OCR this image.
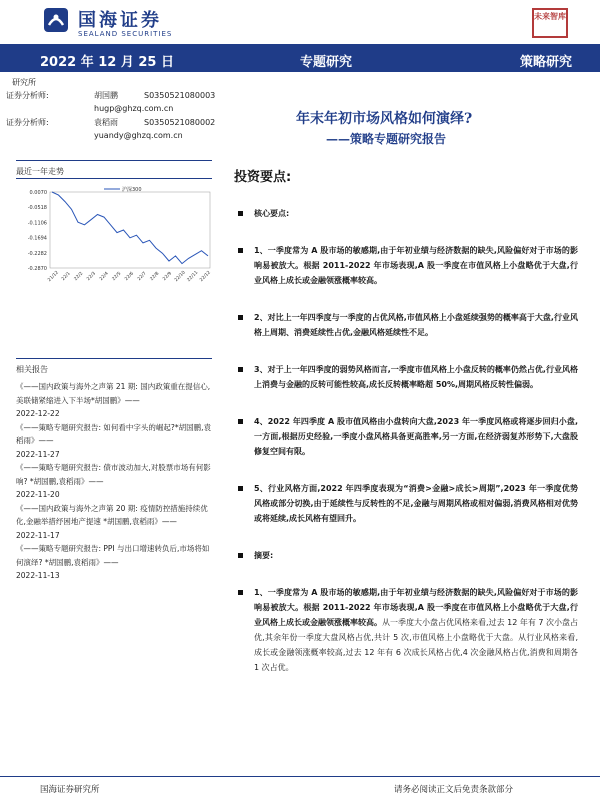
国海证券
SEALAND SECURITIES
未来智库
2022 年 12 月 25 日	专题研究	策略研究
研究所
证券分析师:	胡国鹏	S0350521080003
hugp@ghzq.com.cn
证券分析师:	袁稻雨	S0350521080002
yuandy@ghzq.com.cn
年末年初市场风格如何演绎?
——策略专题研究报告
最近一年走势
0.0070
-0.0518
-0.1106
-0.1694
-0.2282
-0.2870
21/12 22/1 22/2 22/3 22/4 22/5 22/6 22/7 22/8 22/9 22/10 22/11 22/12
沪深300
相关报告

《——国内政策与海外之声第 21 期: 国内政策重在提信心,美联储紧缩进入下半场*胡国鹏》——

2022-12-22

《——策略专题研究报告: 如何看中字头的崛起?*胡国鹏,袁稻雨》——

2022-11-27

《——策略专题研究报告: 债市波动加大,对股票市场有何影响? *胡国鹏,袁稻雨》——

2022-11-20

《——国内政策与海外之声第 20 期: 疫情防控措施持续优化,金融举措纾困地产提速 *胡国鹏,袁稻雨》——

2022-11-17

《——策略专题研究报告: PPI 与出口增速转负后,市场将如何演绎? *胡国鹏,袁稻雨》——

2022-11-13

投资要点:
核心要点:
1、一季度常为 A 股市场的敏感期,由于年初业绩与经济数据的缺失,风险偏好对于市场的影响易被放大。根据 2011-2022 年市场表现,A 股一季度在市值风格上小盘略优于大盘,行业风格上成长或金融领涨概率较高。
2、对比上一年四季度与一季度的占优风格,市值风格上小盘延续强势的概率高于大盘,行业风格上周期、消费延续性占优,金融风格延续性不足。
3、对于上一年四季度的弱势风格而言,一季度市值风格上小盘反转的概率仍然占优,行业风格上消费与金融的反转可能性较高,成长反转概率略超 50%,周期风格反转性偏弱。
4、2022 年四季度 A 股市值风格由小盘转向大盘,2023 年一季度风格或将逐步回归小盘,一方面,根据历史经验,一季度小盘风格具备更高胜率,另一方面,在经济弱复苏形势下,大盘股修复空间有限。
5、行业风格方面,2022 年四季度表现为“消费>金融>成长>周期”,2023 年一季度优势风格或部分切换,由于延续性与反转性的不足,金融与周期风格或相对偏弱,消费风格相对优势或将延续,成长风格有望回升。
摘要:
1、一季度常为 A 股市场的敏感期,由于年初业绩与经济数据的缺失,风险偏好对于市场的影响易被放大。根据 2011-2022 年市场表现,A 股一季度在市值风格上小盘略优于大盘,行业风格上成长或金融领涨概率较高。从一季度大小盘占优风格来看,过去 12 年有 7 次小盘占优,其余年份一季度大盘风格占优,共计 5 次,市值风格上小盘略优于大盘。从行业风格来看,成长或金融领涨概率较高,过去 12 年有 6 次成长风格占优,4 次金融风格占优,消费和周期各 1 次占优。
国海证券研究所	请务必阅读正文后免责条款部分
